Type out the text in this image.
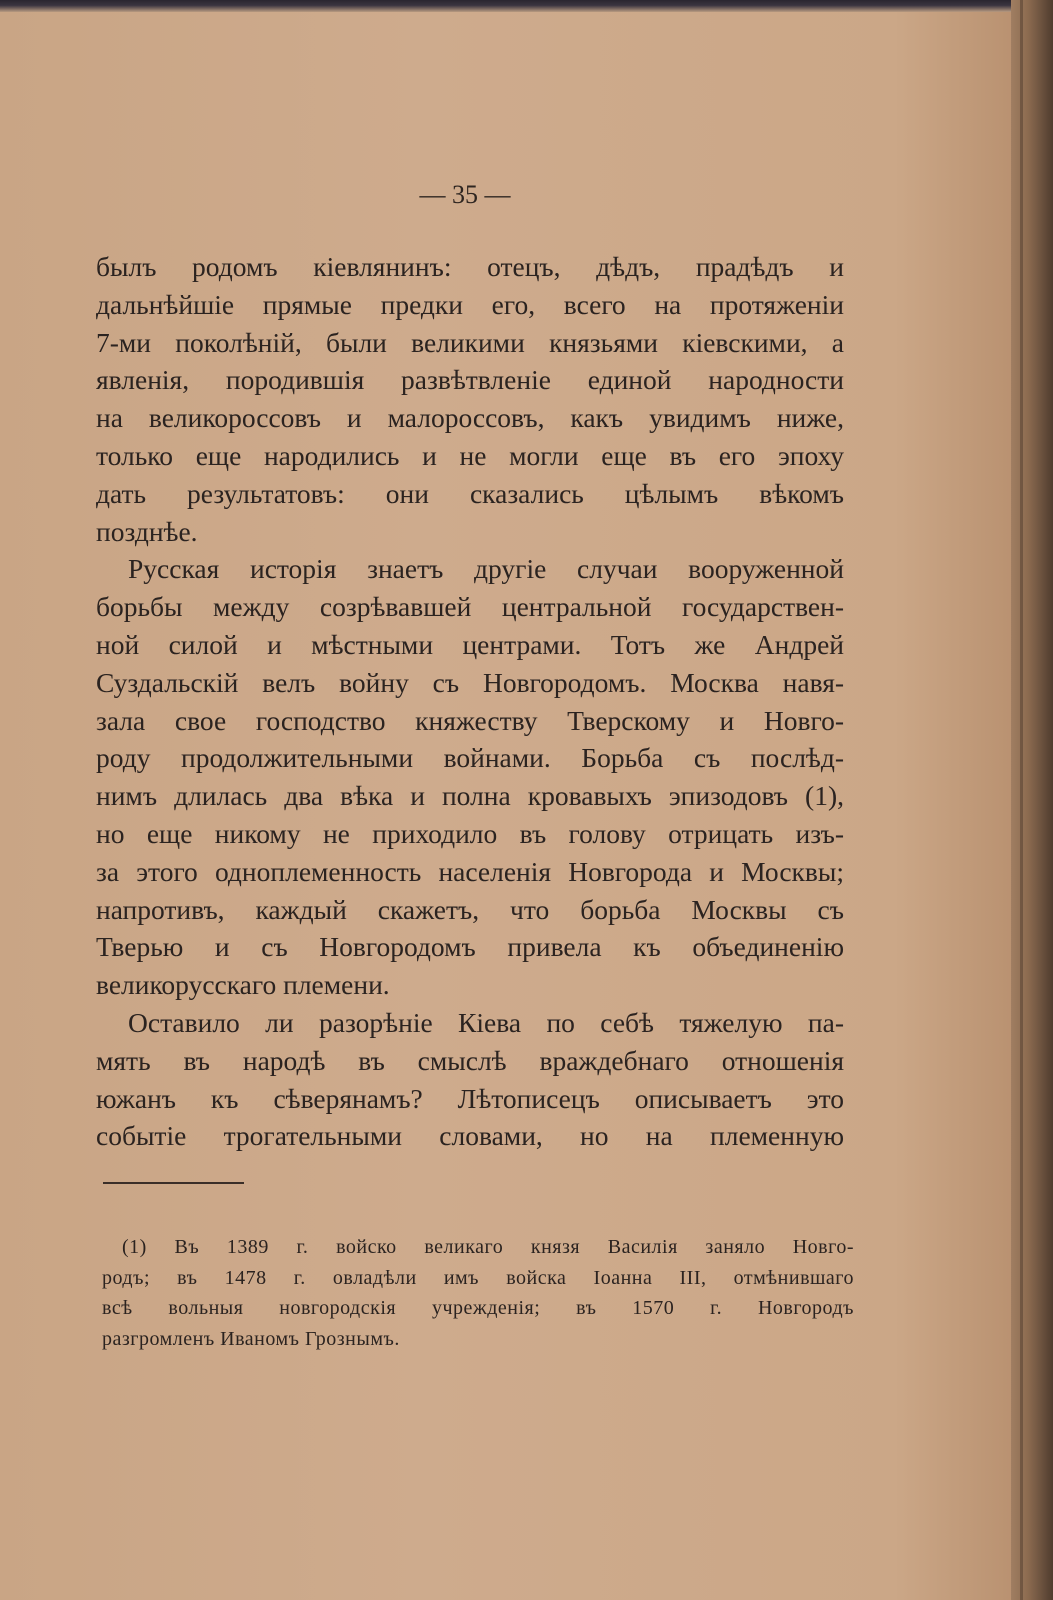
— 35 —
былъ родомъ кіевлянинъ: отецъ, дѣдъ, прадѣдъ и
дальнѣйшіе прямые предки его, всего на протяженіи
7-ми поколѣній, были великими князьями кіевскими, а
явленія, породившія развѣтвленіе единой народности
на великороссовъ и малороссовъ, какъ увидимъ ниже,
только еще народились и не могли еще въ его эпоху
дать результатовъ: они сказались цѣлымъ вѣкомъ
позднѣе.
Русская исторія знаетъ другіе случаи вооруженной
борьбы между созрѣвавшей центральной государствен-
ной силой и мѣстными центрами. Тотъ же Андрей
Суздальскій велъ войну съ Новгородомъ. Москва навя-
зала свое господство княжеству Тверскому и Новго-
роду продолжительными войнами. Борьба съ послѣд-
нимъ длилась два вѣка и полна кровавыхъ эпизодовъ (1),
но еще никому не приходило въ голову отрицать изъ-
за этого одноплеменность населенія Новгорода и Москвы;
напротивъ, каждый скажетъ, что борьба Москвы съ
Тверью и съ Новгородомъ привела къ объединенію
великорусскаго племени.
Оставило ли разорѣніе Кіева по себѣ тяжелую па-
мять въ народѣ въ смыслѣ враждебнаго отношенія
южанъ къ сѣверянамъ? Лѣтописецъ описываетъ это
событіе трогательными словами, но на племенную
(1) Въ 1389 г. войско великаго князя Василія заняло Новго-
родъ; въ 1478 г. овладѣли имъ войска Іоанна III, отмѣнившаго
всѣ вольныя новгородскія учрежденія; въ 1570 г. Новгородъ
разгромленъ Иваномъ Грознымъ.
